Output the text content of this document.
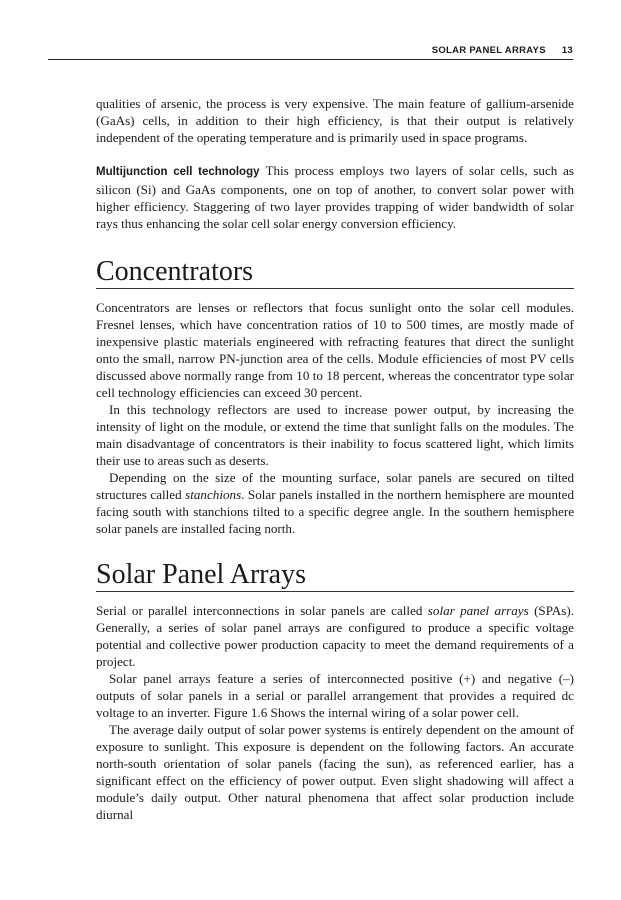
SOLAR PANEL ARRAYS 13

qualities of arsenic, the process is very expensive. The main feature of gallium-arsenide (GaAs) cells, in addition to their high efficiency, is that their output is relatively independent of the operating temperature and is primarily used in space programs.

Multijunction cell technology This process employs two layers of solar cells, such as silicon (Si) and GaAs components, one on top of another, to convert solar power with higher efficiency. Staggering of two layer provides trapping of wider bandwidth of solar rays thus enhancing the solar cell solar energy conversion efficiency.

Concentrators

Concentrators are lenses or reflectors that focus sunlight onto the solar cell modules. Fresnel lenses, which have concentration ratios of 10 to 500 times, are mostly made of inexpensive plastic materials engineered with refracting features that direct the sunlight onto the small, narrow PN-junction area of the cells. Module efficiencies of most PV cells discussed above normally range from 10 to 18 percent, whereas the concentrator type solar cell technology efficiencies can exceed 30 percent.

In this technology reflectors are used to increase power output, by increasing the intensity of light on the module, or extend the time that sunlight falls on the modules. The main disadvantage of concentrators is their inability to focus scattered light, which limits their use to areas such as deserts.

Depending on the size of the mounting surface, solar panels are secured on tilted structures called stanchions. Solar panels installed in the northern hemisphere are mounted facing south with stanchions tilted to a specific degree angle. In the southern hemisphere solar panels are installed facing north.

Solar Panel Arrays

Serial or parallel interconnections in solar panels are called solar panel arrays (SPAs). Generally, a series of solar panel arrays are configured to produce a specific voltage potential and collective power production capacity to meet the demand requirements of a project.

Solar panel arrays feature a series of interconnected positive (+) and negative (–) outputs of solar panels in a serial or parallel arrangement that provides a required dc voltage to an inverter. Figure 1.6 Shows the internal wiring of a solar power cell.

The average daily output of solar power systems is entirely dependent on the amount of exposure to sunlight. This exposure is dependent on the following factors. An accurate north-south orientation of solar panels (facing the sun), as referenced earlier, has a significant effect on the efficiency of power output. Even slight shadowing will affect a module’s daily output. Other natural phenomena that affect solar production include diurnal
